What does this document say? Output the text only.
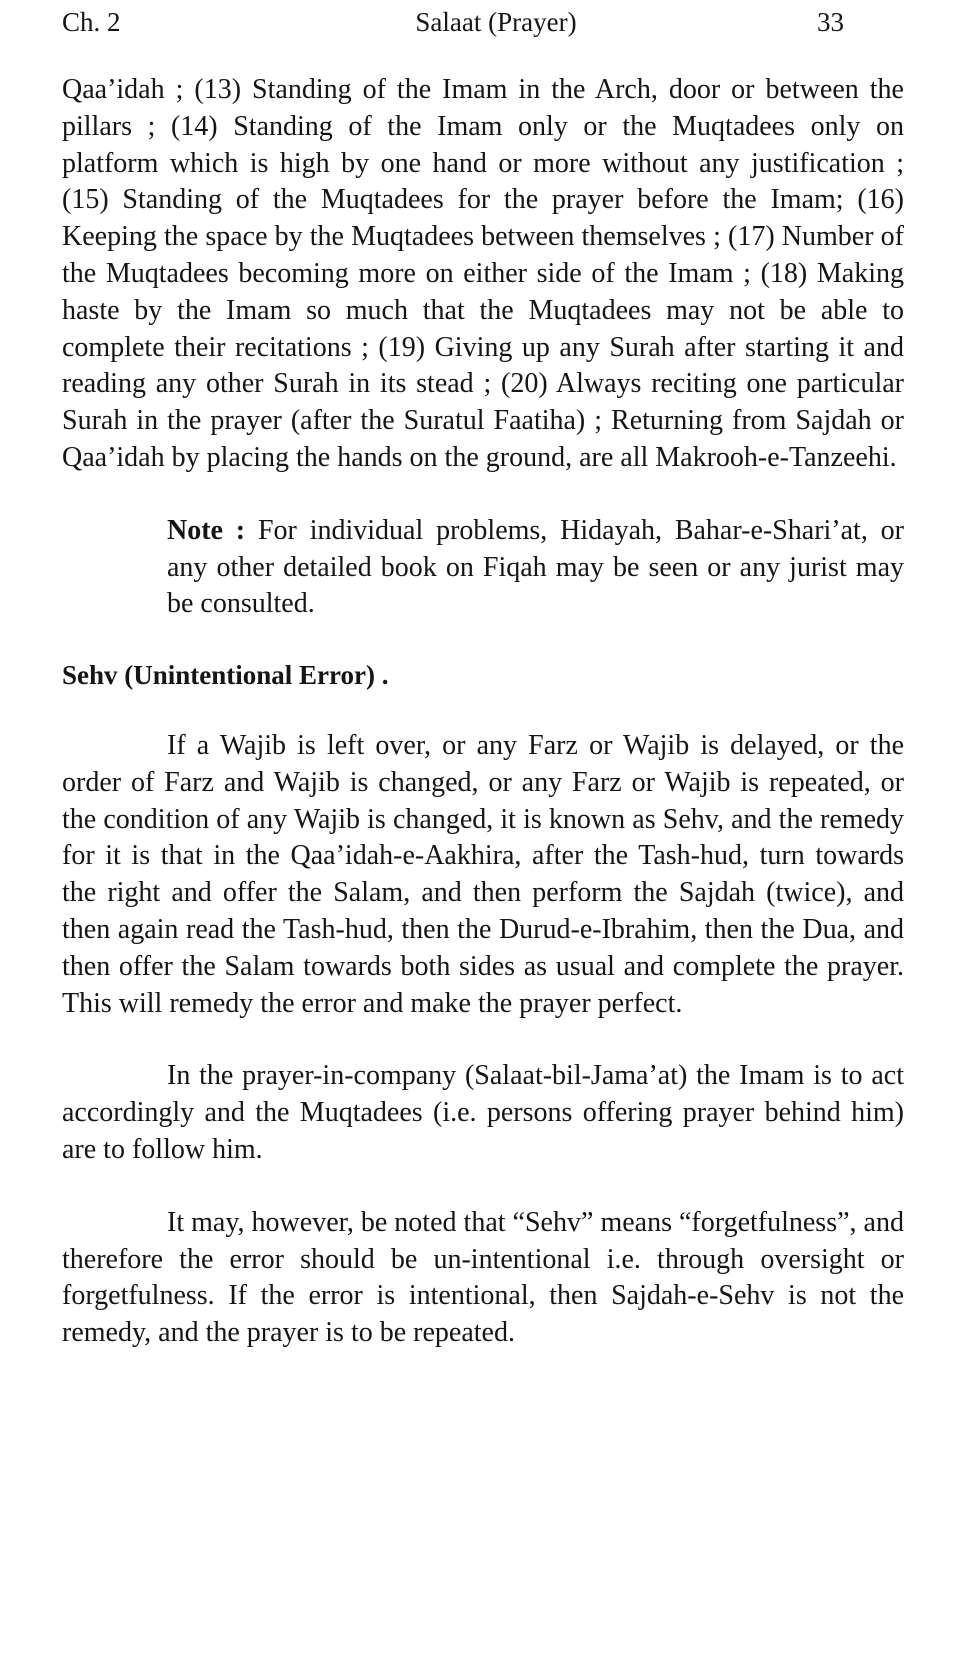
Ch. 2	Salaat (Prayer)	33

Qaa’idah ; (13) Standing of the Imam in the Arch, door or between the pillars ; (14) Standing of the Imam only or the Muqtadees only on platform which is high by one hand or more without any justification ; (15) Standing of the Muqtadees for the prayer before the Imam; (16) Keeping the space by the Muqtadees between themselves ; (17) Number of the Muqtadees becoming more on either side of the Imam ; (18) Making haste by the Imam so much that the Muqtadees may not be able to complete their recitations ; (19) Giving up any Surah after starting it and reading any other Surah in its stead ; (20) Always reciting one particular Surah in the prayer (after the Suratul Faatiha) ; Returning from Sajdah or Qaa’idah by placing the hands on the ground, are all Makrooh-e-Tanzeehi.

Note : For individual problems, Hidayah, Bahar-e-Shari’at, or any other detailed book on Fiqah may be seen or any jurist may be consulted.

Sehv (Unintentional Error) .

If a Wajib is left over, or any Farz or Wajib is delayed, or the order of Farz and Wajib is changed, or any Farz or Wajib is repeated, or the condition of any Wajib is changed, it is known as Sehv, and the remedy for it is that in the Qaa’idah-e-Aakhira, after the Tash-hud, turn towards the right and offer the Salam, and then perform the Sajdah (twice), and then again read the Tash-hud, then the Durud-e-Ibrahim, then the Dua, and then offer the Salam towards both sides as usual and complete the prayer. This will remedy the error and make the prayer perfect.

In the prayer-in-company (Salaat-bil-Jama’at) the Imam is to act accordingly and the Muqtadees (i.e. persons offering prayer behind him) are to follow him.

It may, however, be noted that “Sehv” means “forgetfulness”, and therefore the error should be un-intentional i.e. through oversight or forgetfulness. If the error is intentional, then Sajdah-e-Sehv is not the remedy, and the prayer is to be repeated.
